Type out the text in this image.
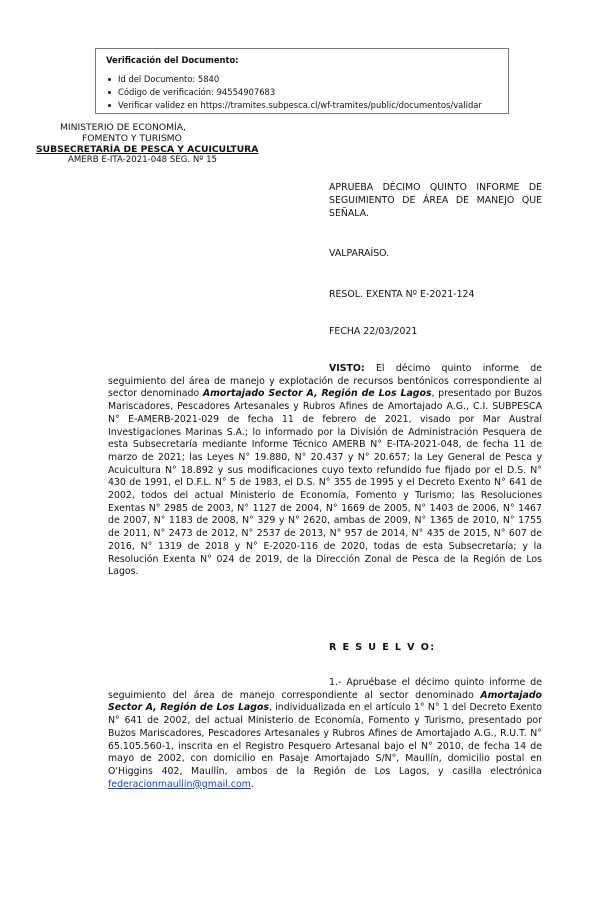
Verificación del Documento:

Id del Documento: 5840
Código de verificación: 94554907683
Verificar validez en https://tramites.subpesca.cl/wf-tramites/public/documentos/validar
MINISTERIO DE ECONOMÍA,
FOMENTO Y TURISMO
SUBSECRETARÍA DE PESCA Y ACUICULTURA
AMERB E-ITA-2021-048 SEG. Nº 15
APRUEBA DÉCIMO QUINTO INFORME DE SEGUIMIENTO DE ÁREA DE MANEJO QUE SEÑALA.
VALPARAÍSO.
RESOL. EXENTA Nº E-2021-124
FECHA 22/03/2021
VISTO: El décimo quinto informe de seguimiento del área de manejo y explotación de recursos bentónicos correspondiente al sector denominado Amortajado Sector A, Región de Los Lagos, presentado por Buzos Mariscadores, Pescadores Artesanales y Rubros Afines de Amortajado A.G., C.I. SUBPESCA N° E-AMERB-2021-029 de fecha 11 de febrero de 2021, visado por Mar Austral Investigaciones Marinas S.A.; lo informado por la División de Administración Pesquera de esta Subsecretaría mediante Informe Técnico AMERB N° E-ITA-2021-048, de fecha 11 de marzo de 2021; las Leyes N° 19.880, N° 20.437 y N° 20.657; la Ley General de Pesca y Acuicultura N° 18.892 y sus modificaciones cuyo texto refundido fue fijado por el D.S. N° 430 de 1991, el D.F.L. N° 5 de 1983, el D.S. N° 355 de 1995 y el Decreto Exento N° 641 de 2002, todos del actual Ministerio de Economía, Fomento y Turismo; las Resoluciones Exentas N° 2985 de 2003, N° 1127 de 2004, N° 1669 de 2005, N° 1403 de 2006, N° 1467 de 2007, N° 1183 de 2008, N° 329 y N° 2620, ambas de 2009, N° 1365 de 2010, N° 1755 de 2011, N° 2473 de 2012, N° 2537 de 2013, N° 957 de 2014, N° 435 de 2015, N° 607 de 2016, N° 1319 de 2018 y N° E-2020-116 de 2020, todas de esta Subsecretaría; y la Resolución Exenta N° 024 de 2019, de la Dirección Zonal de Pesca de la Región de Los Lagos.
R E S U E L V O:
1.- Apruébase el décimo quinto informe de seguimiento del área de manejo correspondiente al sector denominado Amortajado Sector A, Región de Los Lagos, individualizada en el artículo 1° N° 1 del Decreto Exento N° 641 de 2002, del actual Ministerio de Economía, Fomento y Turismo, presentado por Buzos Mariscadores, Pescadores Artesanales y Rubros Afines de Amortajado A.G., R.U.T. N° 65.105.560-1, inscrita en el Registro Pesquero Artesanal bajo el N° 2010, de fecha 14 de mayo de 2002, con domicilio en Pasaje Amortajado S/N°, Maullín, domicilio postal en O'Higgins 402, Maullín, ambos de la Región de Los Lagos, y casilla electrónica federacionmaullin@gmail.com.
